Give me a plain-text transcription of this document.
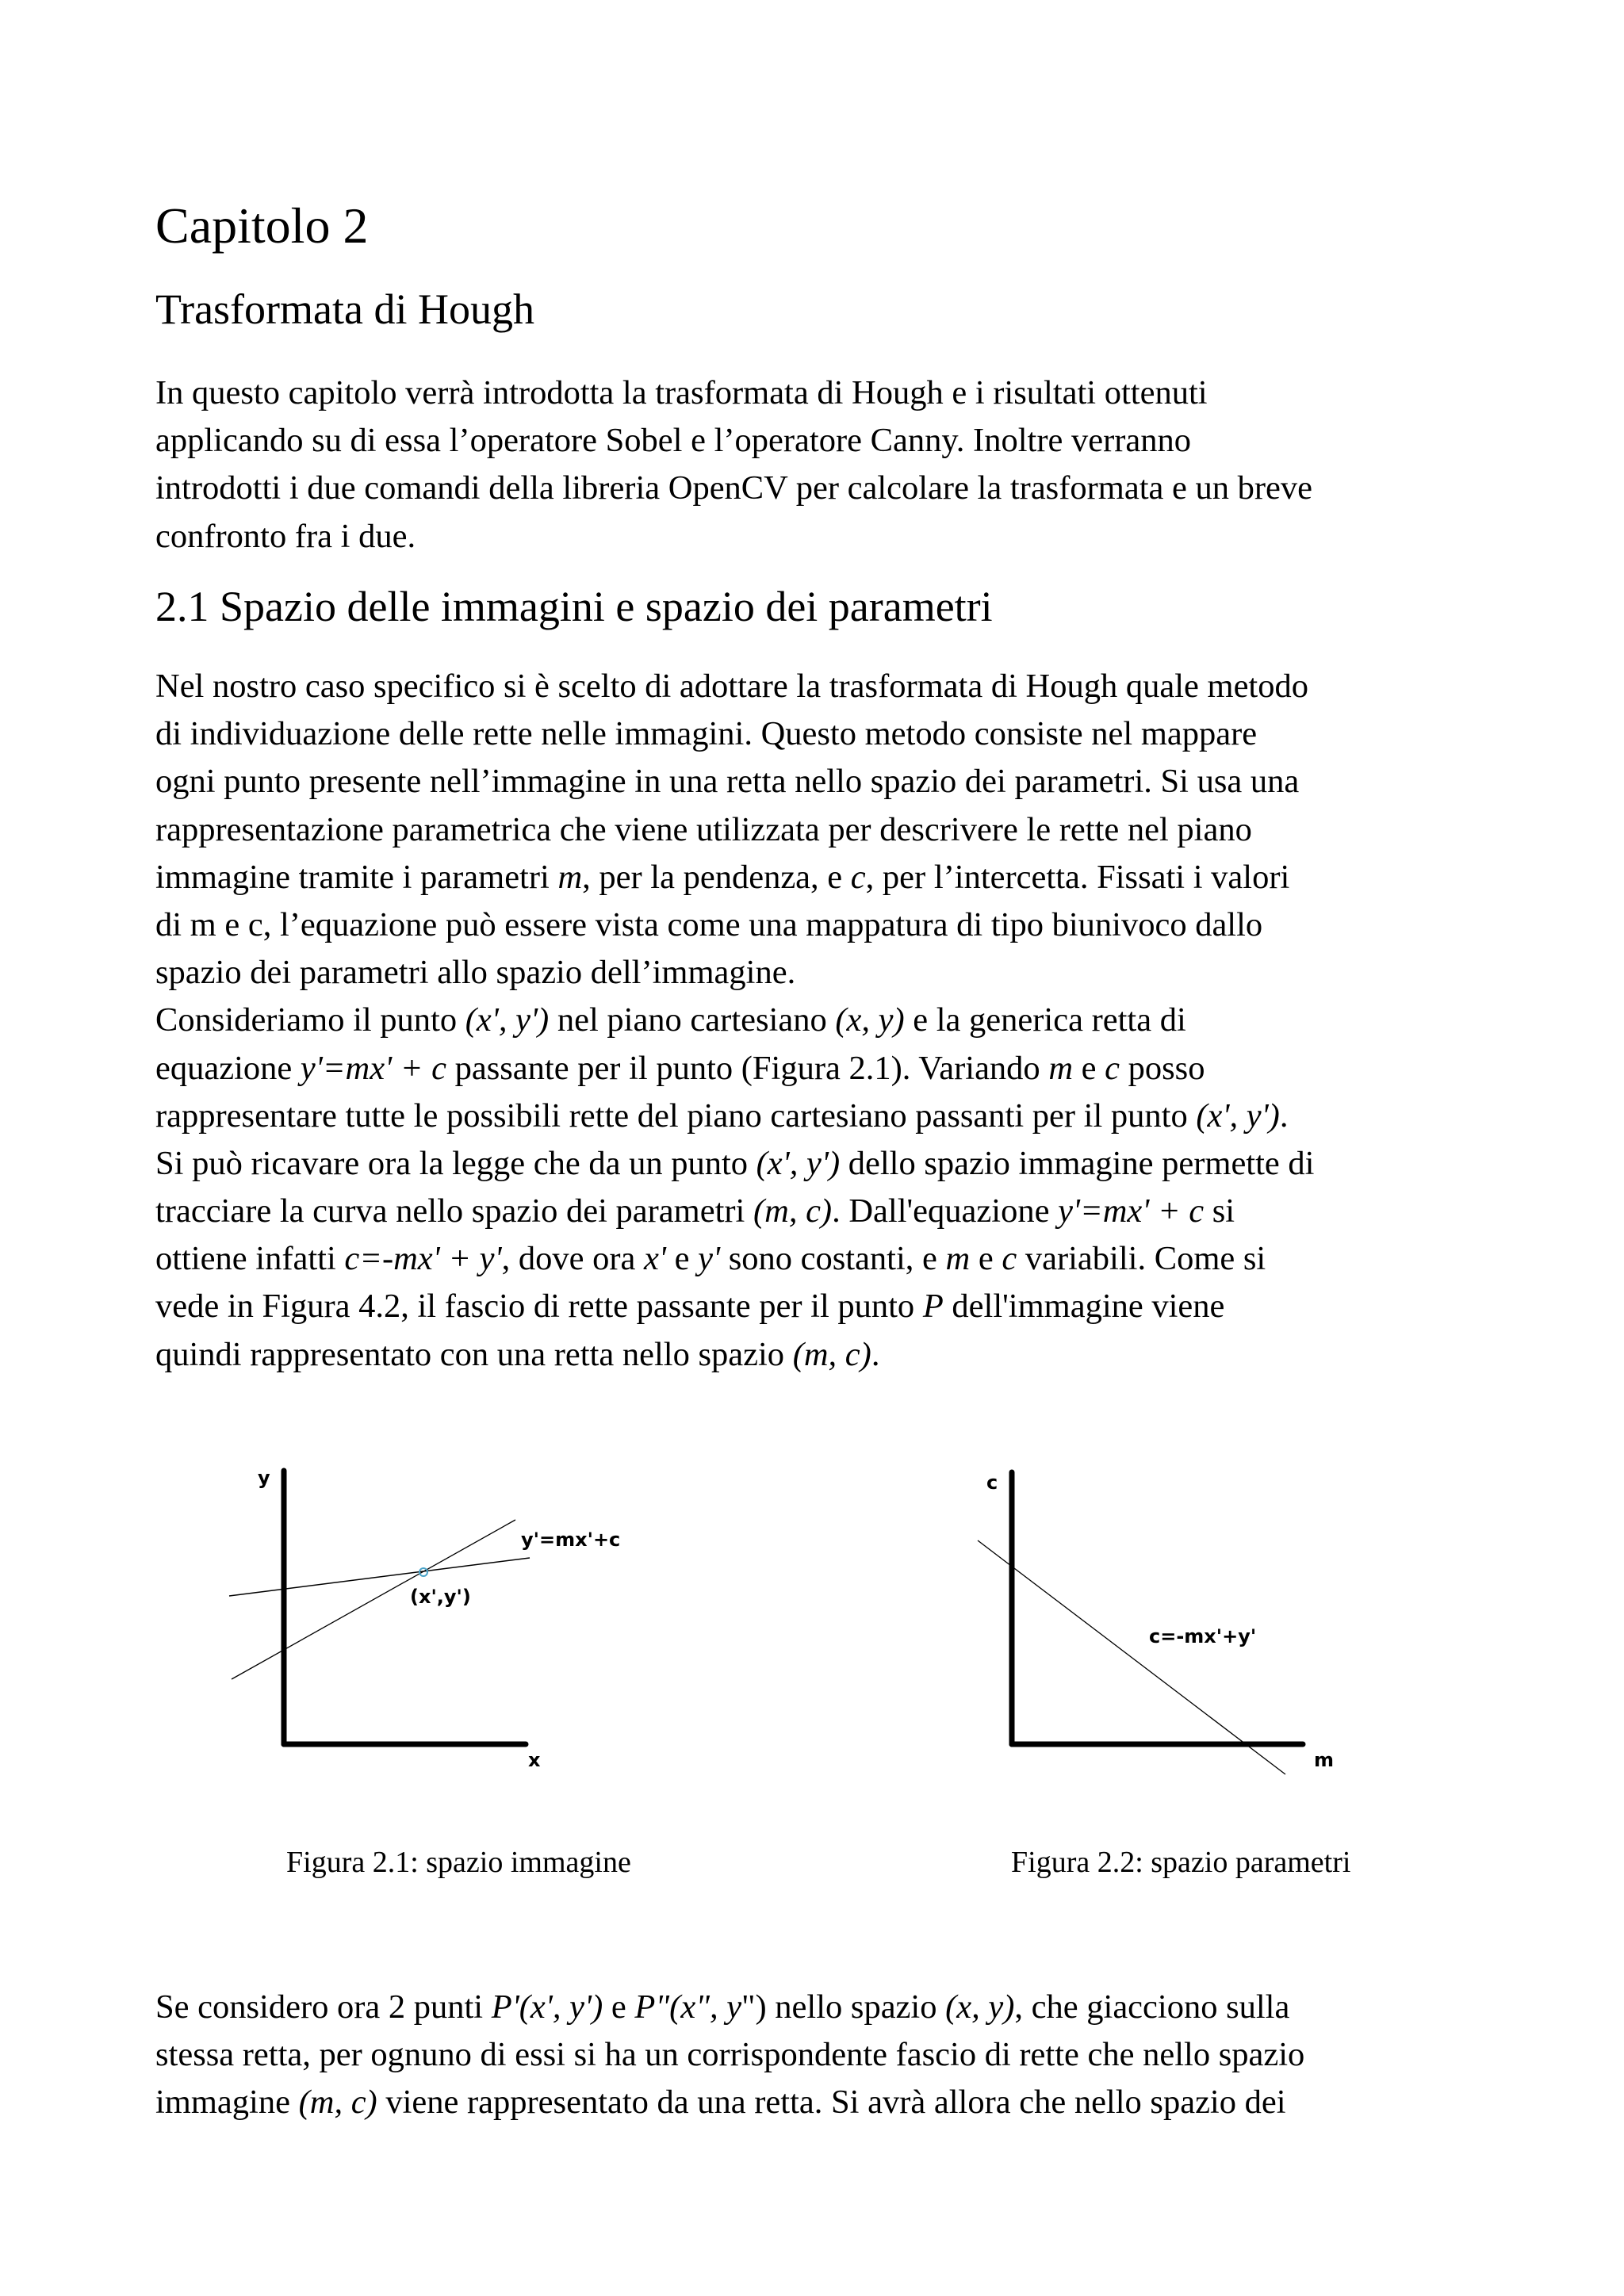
Capitolo 2
Trasformata di Hough

In questo capitolo verrà introdotta la trasformata di Hough e i risultati ottenuti
applicando su di essa l’operatore Sobel e l’operatore Canny. Inoltre verranno
introdotti i due comandi della libreria OpenCV per calcolare la trasformata e un breve
confronto fra i due.

2.1 Spazio delle immagini e spazio dei parametri

Nel nostro caso specifico si è scelto di adottare la trasformata di Hough quale metodo
di individuazione delle rette nelle immagini. Questo metodo consiste nel mappare
ogni punto presente nell’immagine in una retta nello spazio dei parametri. Si usa una
rappresentazione parametrica che viene utilizzata per descrivere le rette nel piano
immagine tramite i parametri m, per la pendenza, e c, per l’intercetta. Fissati i valori
di m e c, l’equazione può essere vista come una mappatura di tipo biunivoco dallo
spazio dei parametri allo spazio dell’immagine.
Consideriamo il punto (x', y') nel piano cartesiano (x, y) e la generica retta di
equazione y'=mx' + c passante per il punto (Figura 2.1). Variando m e c posso
rappresentare tutte le possibili rette del piano cartesiano passanti per il punto (x', y').
Si può ricavare ora la legge che da un punto (x', y') dello spazio immagine permette di
tracciare la curva nello spazio dei parametri (m, c). Dall'equazione y'=mx' + c si
ottiene infatti c=-mx' + y', dove ora x' e y' sono costanti, e m e c variabili. Come si
vede in Figura 4.2, il fascio di rette passante per il punto P dell'immagine viene
quindi rappresentato con una retta nello spazio (m, c).

Se considero ora 2 punti P'(x', y') e P"(x", y") nello spazio (x, y), che giacciono sulla
stessa retta, per ognuno di essi si ha un corrispondente fascio di rette che nello spazio
immagine (m, c) viene rappresentato da una retta. Si avrà allora che nello spazio dei

y
x
y'=mx'+c
(x',y')
Figura 2.1: spazio immagine
c
m
c=-mx'+y'
Figura 2.2: spazio parametri
